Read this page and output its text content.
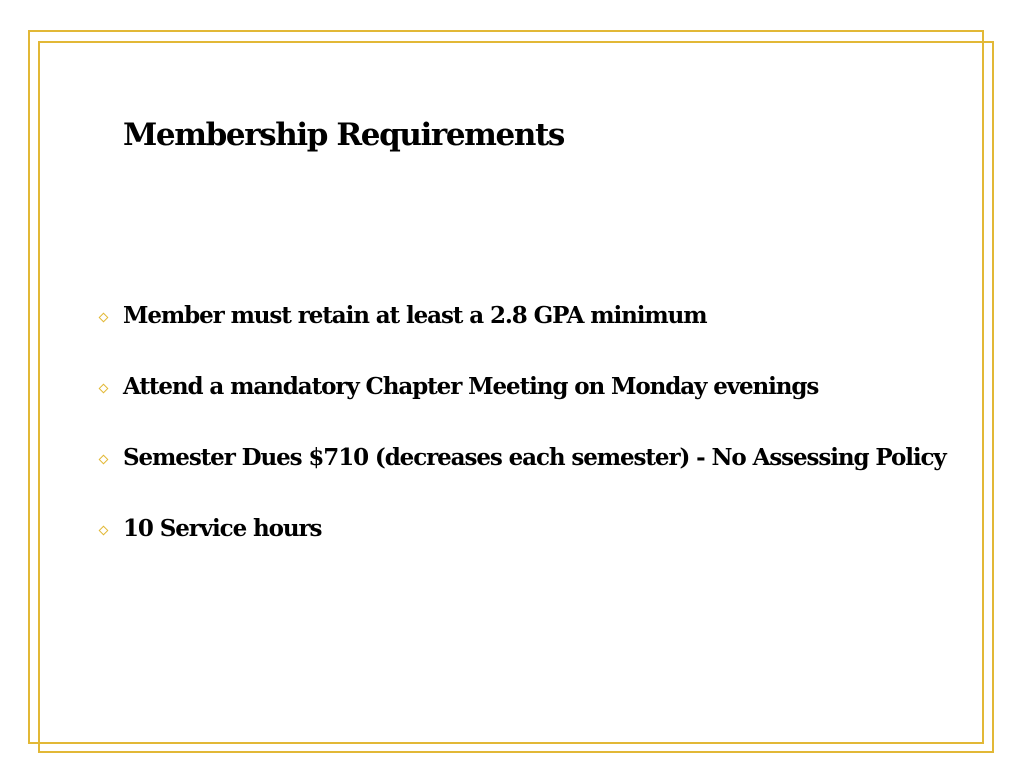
Membership Requirements
Member must retain at least a 2.8 GPA minimum
Attend a mandatory Chapter Meeting on Monday evenings
Semester Dues $710 (decreases each semester) - No Assessing Policy
10 Service hours
